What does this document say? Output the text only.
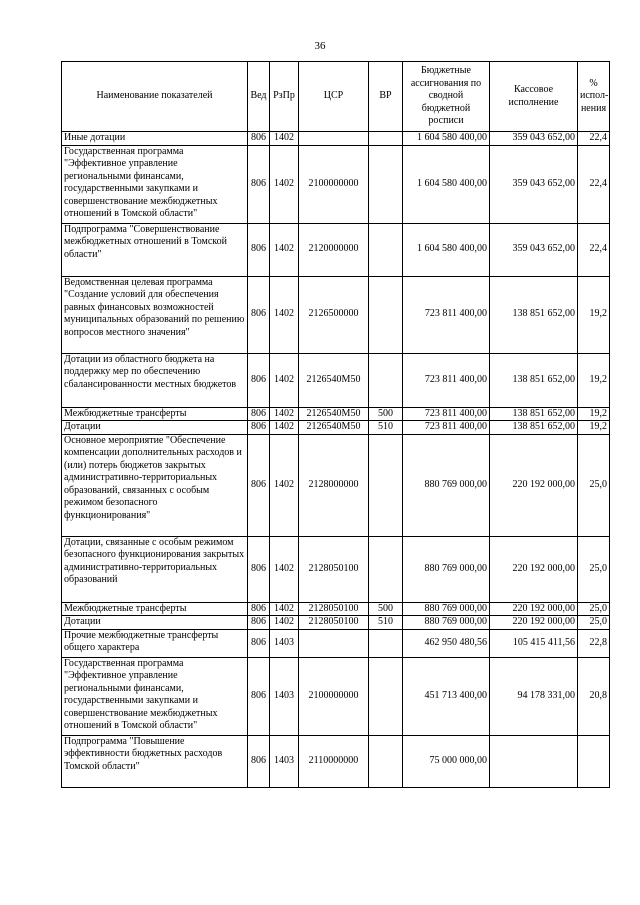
36
Наименование показателей	Вед	РзПр	ЦСР	ВР	Бюджетные ассигнования по сводной бюджетной росписи	Кассовое исполнение	% испол-нения
Иные дотации	806	1402			1 604 580 400,00	359 043 652,00	22,4
Государственная программа "Эффективное управление региональными финансами, государственными закупками и совершенствование межбюджетных отношений в Томской области"	806	1402	2100000000		1 604 580 400,00	359 043 652,00	22,4
Подпрограмма "Совершенствование межбюджетных отношений в Томской области"	806	1402	2120000000		1 604 580 400,00	359 043 652,00	22,4
Ведомственная целевая программа "Создание условий для обеспечения равных финансовых возможностей муниципальных образований по решению вопросов местного значения"	806	1402	2126500000		723 811 400,00	138 851 652,00	19,2
Дотации из областного бюджета на поддержку мер по обеспечению сбалансированности местных бюджетов	806	1402	2126540М50		723 811 400,00	138 851 652,00	19,2
Межбюджетные трансферты	806	1402	2126540М50	500	723 811 400,00	138 851 652,00	19,2
Дотации	806	1402	2126540М50	510	723 811 400,00	138 851 652,00	19,2
Основное мероприятие "Обеспечение компенсации дополнительных расходов и (или) потерь бюджетов закрытых административно-территориальных образований, связанных с особым режимом безопасного функционирования"	806	1402	2128000000		880 769 000,00	220 192 000,00	25,0
Дотации, связанные с особым режимом безопасного функционирования закрытых административно-территориальных образований	806	1402	2128050100		880 769 000,00	220 192 000,00	25,0
Межбюджетные трансферты	806	1402	2128050100	500	880 769 000,00	220 192 000,00	25,0
Дотации	806	1402	2128050100	510	880 769 000,00	220 192 000,00	25,0
Прочие межбюджетные трансферты общего характера	806	1403			462 950 480,56	105 415 411,56	22,8
Государственная программа "Эффективное управление региональными финансами, государственными закупками и совершенствование межбюджетных отношений в Томской области"	806	1403	2100000000		451 713 400,00	94 178 331,00	20,8
Подпрограмма "Повышение эффективности бюджетных расходов Томской области"	806	1403	2110000000		75 000 000,00		
